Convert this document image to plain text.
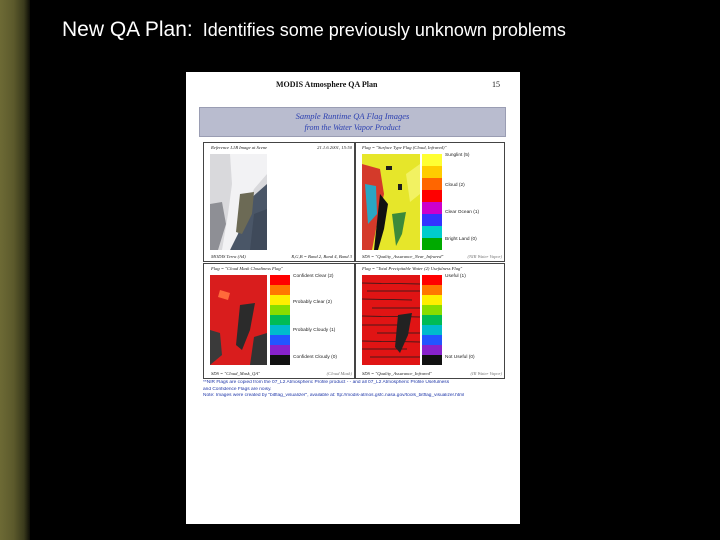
New QA Plan: Identifies some previously unknown problems
MODIS Atmosphere QA Plan	15
Sample Runtime QA Flag Images
from the Water Vapor Product
Reference L1B Image at Scene	21.1.6 2001, 15:50
MODIS Terra (A4)	R,G,B = Band 2, Band 4, Band 3
Flag = "Surface Type Flag (Cloud, Infrared)"
Sunglint (5)
Cloud (2)
Clear Ocean (1)
Bright Land (0)
SDS = "Quality_Assurance_Near_Infrared"	(NIR Water Vapor)
Flag = "Cloud Mask Cloudiness Flag"
Confident Clear (2)
Probably Clear (2)
Probably Cloudy (1)
Confident Cloudy (0)
SDS = "Cloud_Mask_QA"	(Cloud Mask)
Flag = "Total Precipitable Water (2) Usefulness Flag"
Useful (1)
Not Useful (0)
SDS = "Quality_Assurance_Infrared"	(IR Water Vapor)
**NIR Flags are copied from the 07_L2 Atmospheric Profile product - - and all 07_L2 Atmospheric Profile Usefulness
and Confidence Flags are noisy.
Note: Images were created by "bitflag_visualizer", available at: ftp://modis-atmos.gsfc.nasa.gov/tools_bitflag_visualizer.html
